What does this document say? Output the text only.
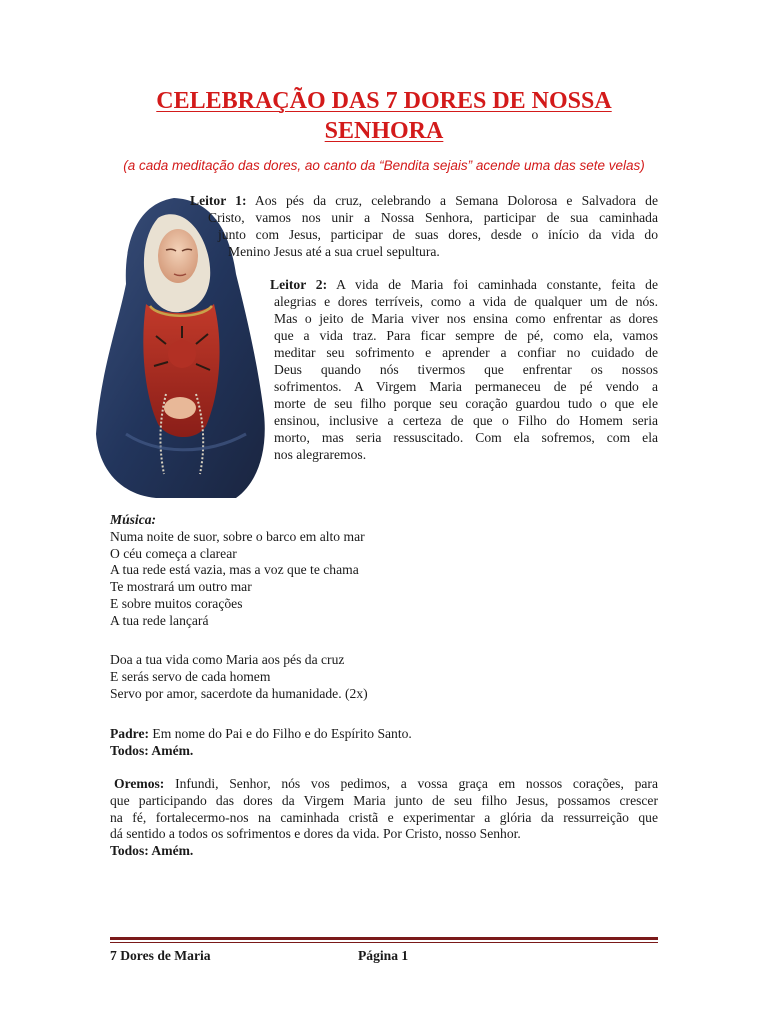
CELEBRAÇÃO DAS 7 DORES DE NOSSA
SENHORA
(a cada meditação das dores, ao canto da “Bendita sejais” acende uma das sete velas)
Leitor 1: Aos pés da cruz, celebrando a Semana Dolorosa e Salvadora de
Cristo, vamos nos unir a Nossa Senhora, participar de sua caminhada
junto com Jesus, participar de suas dores, desde o início da vida do
Menino Jesus até a sua cruel sepultura.
Leitor 2: A vida de Maria foi caminhada constante, feita de
alegrias e dores terríveis, como a vida de qualquer um de nós.
Mas o jeito de Maria viver nos ensina como enfrentar as dores
que a vida traz. Para ficar sempre de pé, como ela, vamos
meditar seu sofrimento e aprender a confiar no cuidado de
Deus quando nós tivermos que enfrentar os nossos
sofrimentos. A Virgem Maria permaneceu de pé vendo a
morte de seu filho porque seu coração guardou tudo o que ele
ensinou, inclusive a certeza de que o Filho do Homem seria
morto, mas seria ressuscitado. Com ela sofremos, com ela
nos alegraremos.
Música:
Numa noite de suor, sobre o barco em alto mar
O céu começa a clarear
A tua rede está vazia, mas a voz que te chama
Te mostrará um outro mar
E sobre muitos corações
A tua rede lançará
Doa a tua vida como Maria aos pés da cruz
E serás servo de cada homem
Servo por amor, sacerdote da humanidade. (2x)
Padre: Em nome do Pai e do Filho e do Espírito Santo.
Todos: Amém.
Oremos: Infundi, Senhor, nós vos pedimos, a vossa graça em nossos corações, para
que participando das dores da Virgem Maria junto de seu filho Jesus, possamos crescer
na fé, fortalecermo-nos na caminhada cristã e experimentar a glória da ressurreição que
dá sentido a todos os sofrimentos e dores da vida. Por Cristo, nosso Senhor.
Todos: Amém.
7 Dores de Maria	Página 1
